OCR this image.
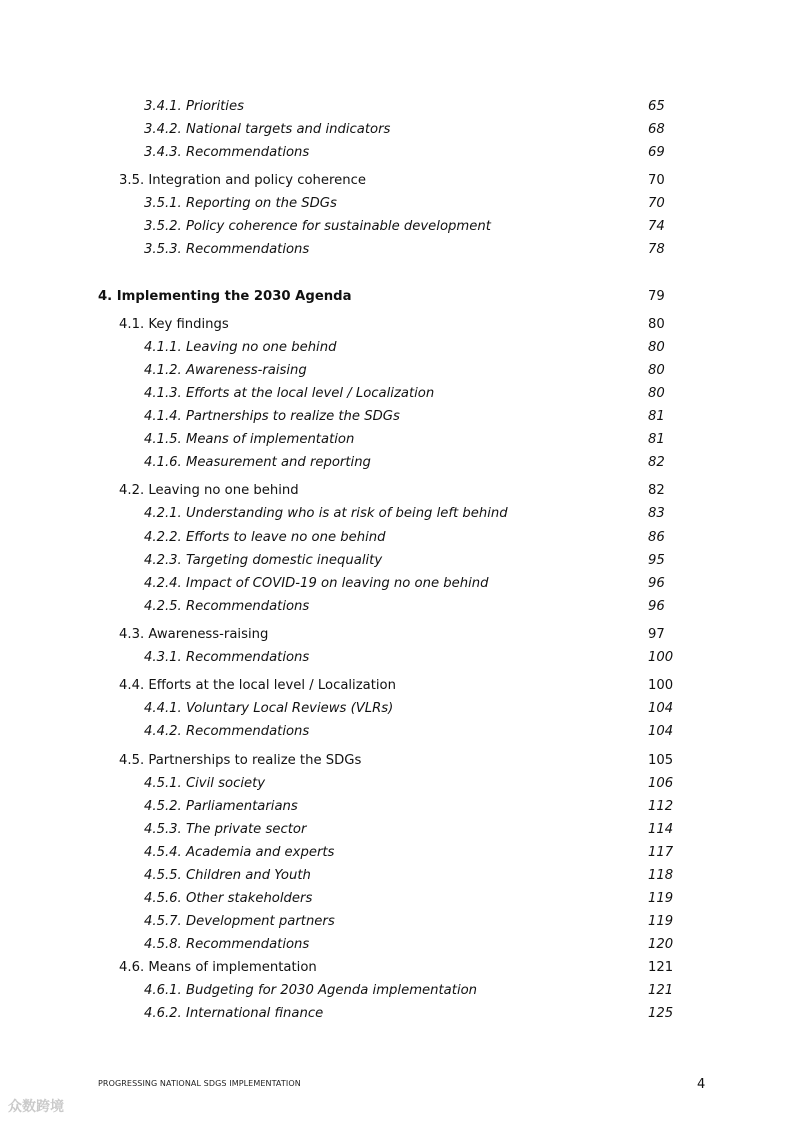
3.4.1. Priorities	65
3.4.2. National targets and indicators	68
3.4.3. Recommendations	69
3.5. Integration and policy coherence	70
3.5.1. Reporting on the SDGs	70
3.5.2. Policy coherence for sustainable development	74
3.5.3. Recommendations	78
4. Implementing the 2030 Agenda	79
4.1. Key findings	80
4.1.1. Leaving no one behind	80
4.1.2. Awareness-raising	80
4.1.3. Efforts at the local level / Localization	80
4.1.4. Partnerships to realize the SDGs	81
4.1.5. Means of implementation	81
4.1.6. Measurement and reporting	82
4.2. Leaving no one behind	82
4.2.1. Understanding who is at risk of being left behind	83
4.2.2. Efforts to leave no one behind	86
4.2.3. Targeting domestic inequality	95
4.2.4. Impact of COVID-19 on leaving no one behind	96
4.2.5. Recommendations	96
4.3. Awareness-raising	97
4.3.1. Recommendations	100
4.4. Efforts at the local level / Localization	100
4.4.1. Voluntary Local Reviews (VLRs)	104
4.4.2. Recommendations	104
4.5. Partnerships to realize the SDGs	105
4.5.1. Civil society	106
4.5.2. Parliamentarians	112
4.5.3. The private sector	114
4.5.4. Academia and experts	117
4.5.5. Children and Youth	118
4.5.6. Other stakeholders	119
4.5.7. Development partners	119
4.5.8. Recommendations	120
4.6. Means of implementation	121
4.6.1. Budgeting for 2030 Agenda implementation	121
4.6.2. International finance	125
PROGRESSING NATIONAL SDGS IMPLEMENTATION	4
众数跨境
